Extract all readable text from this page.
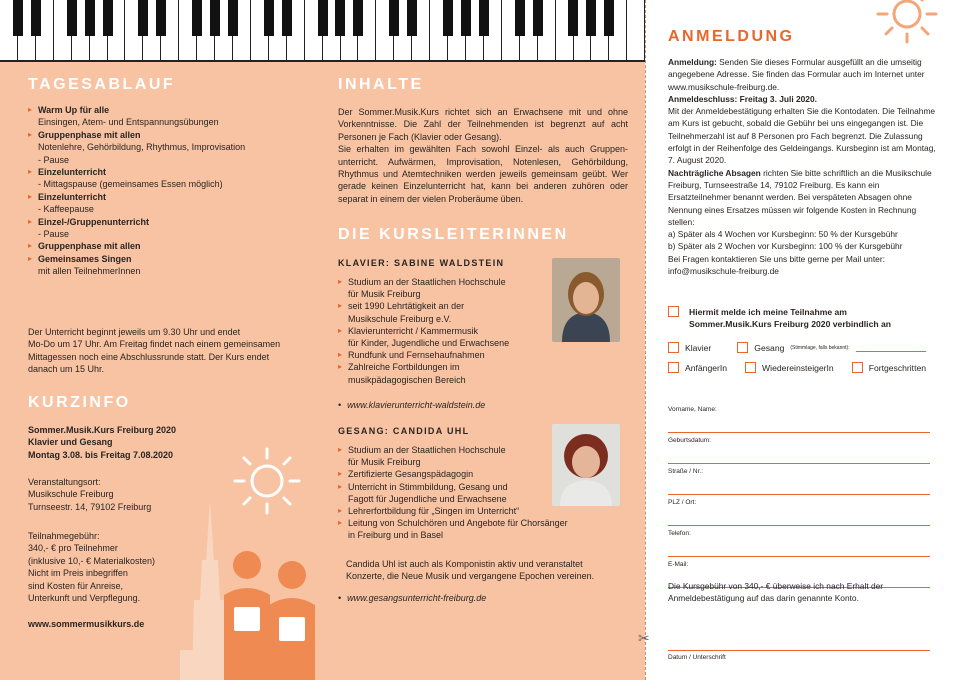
✂
TAGESABLAUF
▸ Warm Up für alle
Einsingen, Atem- und Entspannungsübungen
▸ Gruppenphase mit allen
Notenlehre, Gehörbildung, Rhythmus, Improvisation
- Pause
▸ Einzelunterricht
- Mittagspause (gemeinsames Essen möglich)
▸ Einzelunterricht
- Kaffeepause
▸ Einzel-/Gruppenunterricht
- Pause
▸ Gruppenphase mit allen
▸ Gemeinsames Singen
mit allen TeilnehmerInnen

Der Unterricht beginnt jeweils um 9.30 Uhr und endet
Mo-Do um 17 Uhr. Am Freitag findet nach einem gemeinsamen
Mittagessen noch eine Abschlussrunde statt. Der Kurs endet
danach um 15 Uhr.

KURZINFO

Sommer.Musik.Kurs Freiburg 2020
Klavier und Gesang
Montag 3.08. bis Freitag 7.08.2020

Veranstaltungsort:
Musikschule Freiburg
Turnseestr. 14, 79102 Freiburg

Teilnahmegebühr:
340,- € pro Teilnehmer
(inklusive 10,- € Materialkosten)
Nicht im Preis inbegriffen
sind Kosten für Anreise,
Unterkunft und Verpflegung.

www.sommermusikkurs.de

INHALTE

Der Sommer.Musik.Kurs richtet sich an Erwachsene mit und ohne Vorkenntnisse. Die Zahl der Teilnehmenden ist begrenzt auf acht Personen je Fach (Klavier oder Gesang).
Sie erhalten im gewählten Fach sowohl Einzel- als auch Gruppen-unterricht. Aufwärmen, Improvisation, Notenlesen, Gehörbildung, Rhythmus und Atemtechniken werden jeweils gemeinsam geübt. Wer gerade keinen Einzelunterricht hat, kann bei anderen zuhören oder separat in einem der vielen Proberäume üben.

DIE KURSLEITERINNEN

KLAVIER: SABINE WALDSTEIN

▸ Studium an der Staatlichen Hochschule
für Musik Freiburg
▸ seit 1990 Lehrtätigkeit an der
Musikschule Freiburg e.V.
▸ Klavierunterricht / Kammermusik
für Kinder, Jugendliche und Erwachsene
▸ Rundfunk und Fernsehaufnahmen
▸ Zahlreiche Fortbildungen im
musikpädagogischen Bereich

• www.klavierunterricht-waldstein.de

GESANG: CANDIDA UHL

▸ Studium an der Staatlichen Hochschule
für Musik Freiburg
▸ Zertifizierte Gesangspädagogin
▸ Unterricht in Stimmbildung, Gesang und
Fagott für Jugendliche und Erwachsene
▸ Lehrerfortbildung für „Singen im Unterricht“
▸ Leitung von Schulchören und Angebote für Chorsänger
in Freiburg und in Basel

Candida Uhl ist auch als Komponistin aktiv und veranstaltet
Konzerte, die Neue Musik und vergangene Epochen vereinen.

• www.gesangsunterricht-freiburg.de

ANMELDUNG
Anmeldung: Senden Sie dieses Formular ausgefüllt an die umseitig angegebene Adresse. Sie finden das Formular auch im Internet unter www.musikschule-freiburg.de.
Anmeldeschluss: Freitag 3. Juli 2020.
Mit der Anmeldebestätigung erhalten Sie die Kontodaten. Die Teilnahme am Kurs ist gebucht, sobald die Gebühr bei uns eingegangen ist. Die Teilnehmerzahl ist auf 8 Personen pro Fach begrenzt. Die Zulassung erfolgt in der Reihenfolge des Geldeingangs. Kursbeginn ist am Montag, 7. August 2020.
Nachträgliche Absagen richten Sie bitte schriftlich an die Musikschule Freiburg, Turnseestraße 14, 79102 Freiburg. Es kann ein Ersatzteilnehmer benannt werden. Bei verspäteten Absagen ohne Nennung eines Ersatzes müssen wir folgende Kosten in Rechnung stellen:
a) Später als 4 Wochen vor Kursbeginn: 50 % der Kursgebühr
b) Später als 2 Wochen vor Kursbeginn: 100 % der Kursgebühr
Bei Fragen kontaktieren Sie uns bitte gerne per Mail unter: info@musikschule-freiburg.de
Hiermit melde ich meine Teilnahme am
Sommer.Musik.Kurs Freiburg 2020 verbindlich an
Klavier	Gesang (Stimmlage, falls bekannt):
AnfängerIn	WiedereinsteigerIn	Fortgeschritten
Vorname, Name:
Geburtsdatum:
Straße / Nr.:
PLZ / Ort:
Telefon:
E-Mail:

Die Kursgebühr von 340,- € überweise ich nach Erhalt der Anmeldebestätigung auf das darin genannte Konto.

Datum / Unterschrift
